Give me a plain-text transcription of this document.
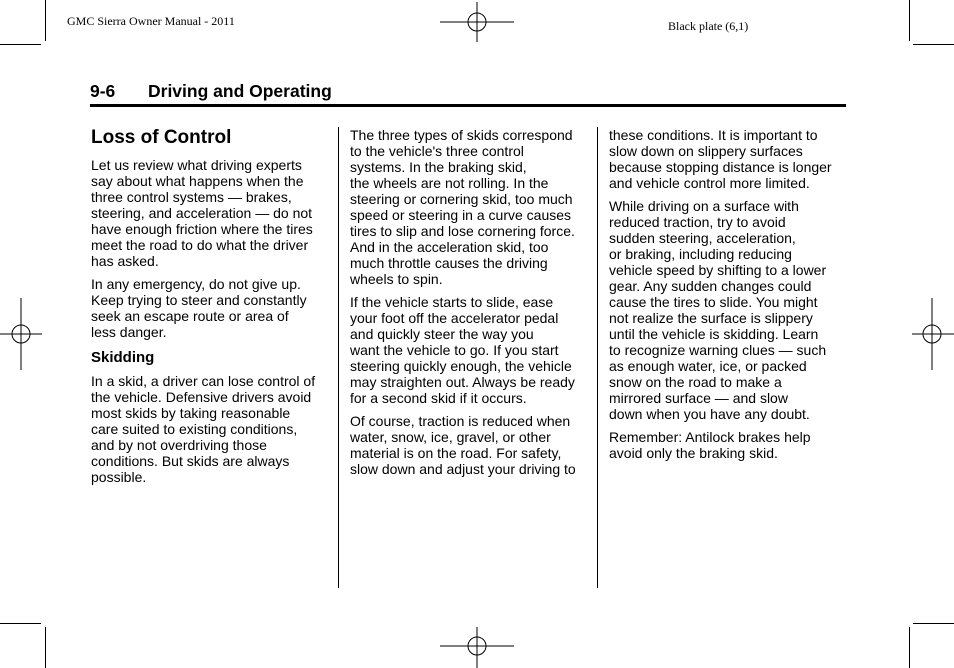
GMC Sierra Owner Manual - 2011	Black plate (6,1)
9-6 Driving and Operating
Loss of Control

Let us review what driving experts
say about what happens when the
three control systems — brakes,
steering, and acceleration — do not
have enough friction where the tires
meet the road to do what the driver
has asked.

In any emergency, do not give up.
Keep trying to steer and constantly
seek an escape route or area of
less danger.

Skidding

In a skid, a driver can lose control of
the vehicle. Defensive drivers avoid
most skids by taking reasonable
care suited to existing conditions,
and by not overdriving those
conditions. But skids are always
possible.

The three types of skids correspond
to the vehicle's three control
systems. In the braking skid,
the wheels are not rolling. In the
steering or cornering skid, too much
speed or steering in a curve causes
tires to slip and lose cornering force.
And in the acceleration skid, too
much throttle causes the driving
wheels to spin.

If the vehicle starts to slide, ease
your foot off the accelerator pedal
and quickly steer the way you
want the vehicle to go. If you start
steering quickly enough, the vehicle
may straighten out. Always be ready
for a second skid if it occurs.

Of course, traction is reduced when
water, snow, ice, gravel, or other
material is on the road. For safety,
slow down and adjust your driving to

these conditions. It is important to
slow down on slippery surfaces
because stopping distance is longer
and vehicle control more limited.

While driving on a surface with
reduced traction, try to avoid
sudden steering, acceleration,
or braking, including reducing
vehicle speed by shifting to a lower
gear. Any sudden changes could
cause the tires to slide. You might
not realize the surface is slippery
until the vehicle is skidding. Learn
to recognize warning clues — such
as enough water, ice, or packed
snow on the road to make a
mirrored surface — and slow
down when you have any doubt.

Remember: Antilock brakes help
avoid only the braking skid.
